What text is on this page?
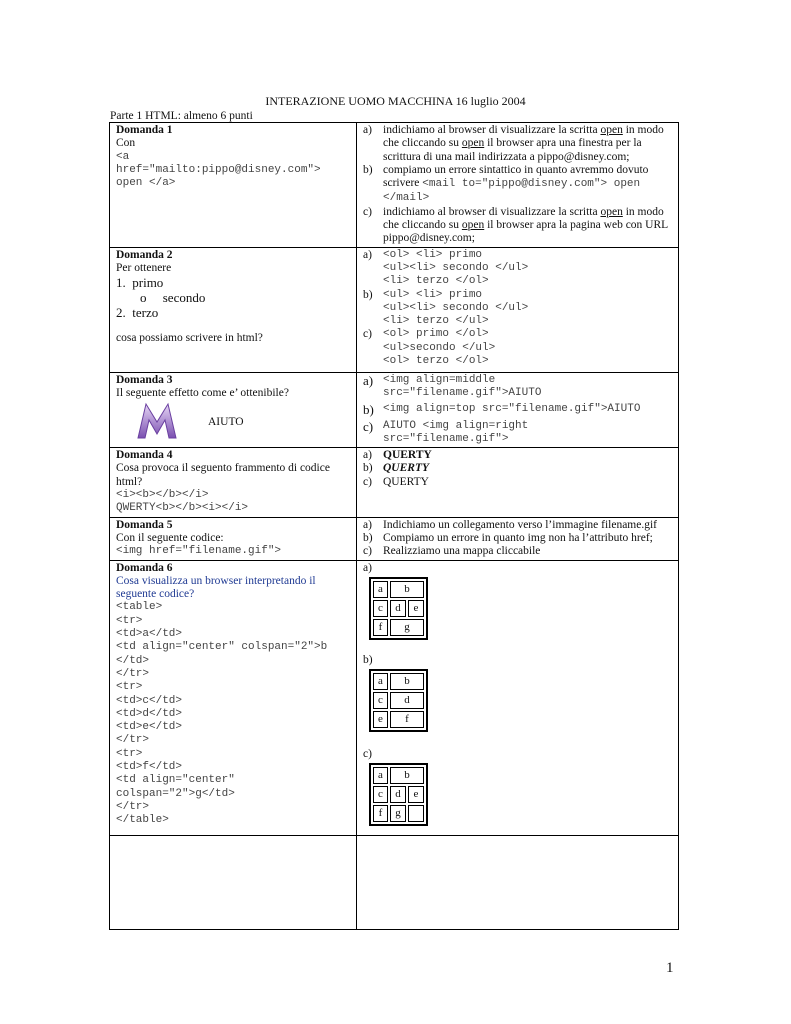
INTERAZIONE UOMO MACCHINA 16 luglio 2004
Parte 1 HTML: almeno 6 punti
Domanda 1
Con
<a
href="mailto:pippo@disney.com">
open </a>

a) indichiamo al browser di visualizzare la scritta open in modo che cliccando su open il browser apra una finestra per la scrittura di una mail indirizzata a pippo@disney.com;
b) compiamo un errore sintattico in quanto avremmo dovuto scrivere <mail to="pippo@disney.com"> open
</mail>
c) indichiamo al browser di visualizzare la scritta open in modo che cliccando su open il browser apra la pagina web con URL pippo@disney.com;

Domanda 2
Per ottenere
1.  primo
o     secondo
2.  terzo
cosa possiamo scrivere in html?

a)	<ol> <li> primo
<ul><li> secondo </ul>
<li> terzo </ol>
b) <ul> <li> primo
<ul><li> secondo </ul>
<li> terzo </ul>
c)	<ol> primo </ol>
<ul>secondo </ul>
<ol> terzo </ol>

Domanda 3
Il seguente effetto come e’ ottenibile?
AIUTO

a) <img align=middle
src="filename.gif">AIUTO
b) <img align=top src="filename.gif">AIUTO
c) AIUTO <img align=right
src="filename.gif">

Domanda 4
Cosa provoca il seguento frammento di codice
html?
<i><b></b></i>
QWERTY<b></b><i></i>

a) QUERTY
b) QUERTY
c) QUERTY

Domanda 5
Con il seguente codice:
<img href="filename.gif">

a) Indichiamo un collegamento verso l’immagine filename.gif
b) Compiamo un errore in quanto img non ha l’attributo href;
c) Realizziamo una mappa cliccabile

Domanda 6
Cosa visualizza un browser interpretando il seguente codice?
<table>
<tr>
<td>a</td>
<td align="center" colspan="2">b
</td>
</tr>
<tr>
<td>c</td>
<td>d</td>
<td>e</td>
</tr>
<tr>
<td>f</td>
<td align="center"
colspan="2">g</td>
</tr>
</table>

a)
a	b
c	d	e
f	g
b)
a	b
c	d
e	f
c)
a	b
c	d	e
f	g	

1
